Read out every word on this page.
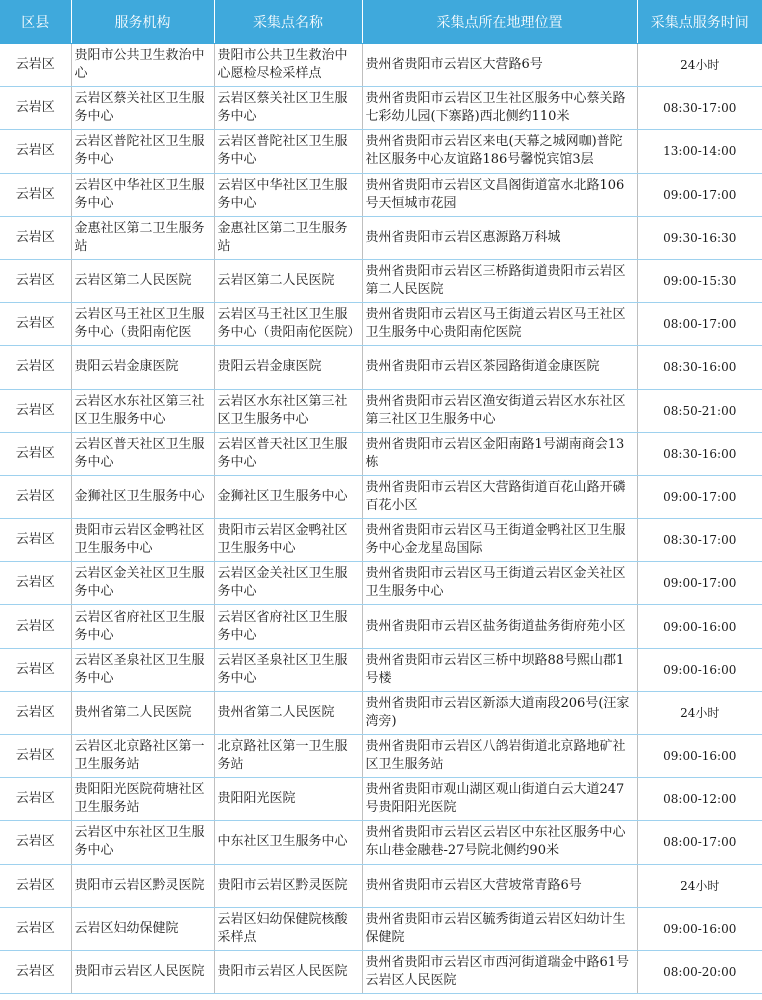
区县	服务机构	采集点名称	采集点所在地理位置	采集点服务时间
云岩区	贵阳市公共卫生救治中心	贵阳市公共卫生救治中心愿检尽检采样点	贵州省贵阳市云岩区大营路6号	24小时
云岩区	云岩区蔡关社区卫生服务中心	云岩区蔡关社区卫生服务中心	贵州省贵阳市云岩区卫生社区服务中心蔡关路七彩幼儿园(下寨路)西北侧约110米	08:30-17:00
云岩区	云岩区普陀社区卫生服务中心	云岩区普陀社区卫生服务中心	贵州省贵阳市云岩区来电(天幕之城网咖)普陀社区服务中心友谊路186号馨悦宾馆3层	13:00-14:00
云岩区	云岩区中华社区卫生服务中心	云岩区中华社区卫生服务中心	贵州省贵阳市云岩区文昌阁街道富水北路106号天恒城市花园	09:00-17:00
云岩区	金惠社区第二卫生服务站	金惠社区第二卫生服务站	贵州省贵阳市云岩区惠源路万科城	09:30-16:30
云岩区	云岩区第二人民医院	云岩区第二人民医院	贵州省贵阳市云岩区三桥路街道贵阳市云岩区第二人民医院	09:00-15:30
云岩区	云岩区马王社区卫生服务中心（贵阳南佗医	云岩区马王社区卫生服务中心（贵阳南佗医院）	贵州省贵阳市云岩区马王街道云岩区马王社区卫生服务中心贵阳南佗医院	08:00-17:00
云岩区	贵阳云岩金康医院	贵阳云岩金康医院	贵州省贵阳市云岩区茶园路街道金康医院	08:30-16:00
云岩区	云岩区水东社区第三社区卫生服务中心	云岩区水东社区第三社区卫生服务中心	贵州省贵阳市云岩区渔安街道云岩区水东社区第三社区卫生服务中心	08:50-21:00
云岩区	云岩区普天社区卫生服务中心	云岩区普天社区卫生服务中心	贵州省贵阳市云岩区金阳南路1号湖南商会13栋	08:30-16:00
云岩区	金狮社区卫生服务中心	金狮社区卫生服务中心	贵州省贵阳市云岩区大营路街道百花山路开磷百花小区	09:00-17:00
云岩区	贵阳市云岩区金鸭社区卫生服务中心	贵阳市云岩区金鸭社区卫生服务中心	贵州省贵阳市云岩区马王街道金鸭社区卫生服务中心金龙星岛国际	08:30-17:00
云岩区	云岩区金关社区卫生服务中心	云岩区金关社区卫生服务中心	贵州省贵阳市云岩区马王街道云岩区金关社区卫生服务中心	09:00-17:00
云岩区	云岩区省府社区卫生服务中心	云岩区省府社区卫生服务中心	贵州省贵阳市云岩区盐务街道盐务街府苑小区	09:00-16:00
云岩区	云岩区圣泉社区卫生服务中心	云岩区圣泉社区卫生服务中心	贵州省贵阳市云岩区三桥中坝路88号熙山郡1号楼	09:00-16:00
云岩区	贵州省第二人民医院	贵州省第二人民医院	贵州省贵阳市云岩区新添大道南段206号(汪家湾旁)	24小时
云岩区	云岩区北京路社区第一卫生服务站	北京路社区第一卫生服务站	贵州省贵阳市云岩区八鸽岩街道北京路地矿社区卫生服务站	09:00-16:00
云岩区	贵阳阳光医院荷塘社区卫生服务站	贵阳阳光医院	贵州省贵阳市观山湖区观山街道白云大道247号贵阳阳光医院	08:00-12:00
云岩区	云岩区中东社区卫生服务中心	中东社区卫生服务中心	贵州省贵阳市云岩区云岩区中东社区服务中心东山巷金融巷-27号院北侧约90米	08:00-17:00
云岩区	贵阳市云岩区黔灵医院	贵阳市云岩区黔灵医院	贵州省贵阳市云岩区大营坡常青路6号	24小时
云岩区	云岩区妇幼保健院	云岩区妇幼保健院核酸采样点	贵州省贵阳市云岩区毓秀街道云岩区妇幼计生保健院	09:00-16:00
云岩区	贵阳市云岩区人民医院	贵阳市云岩区人民医院	贵州省贵阳市云岩区市西河街道瑞金中路61号云岩区人民医院	08:00-20:00
